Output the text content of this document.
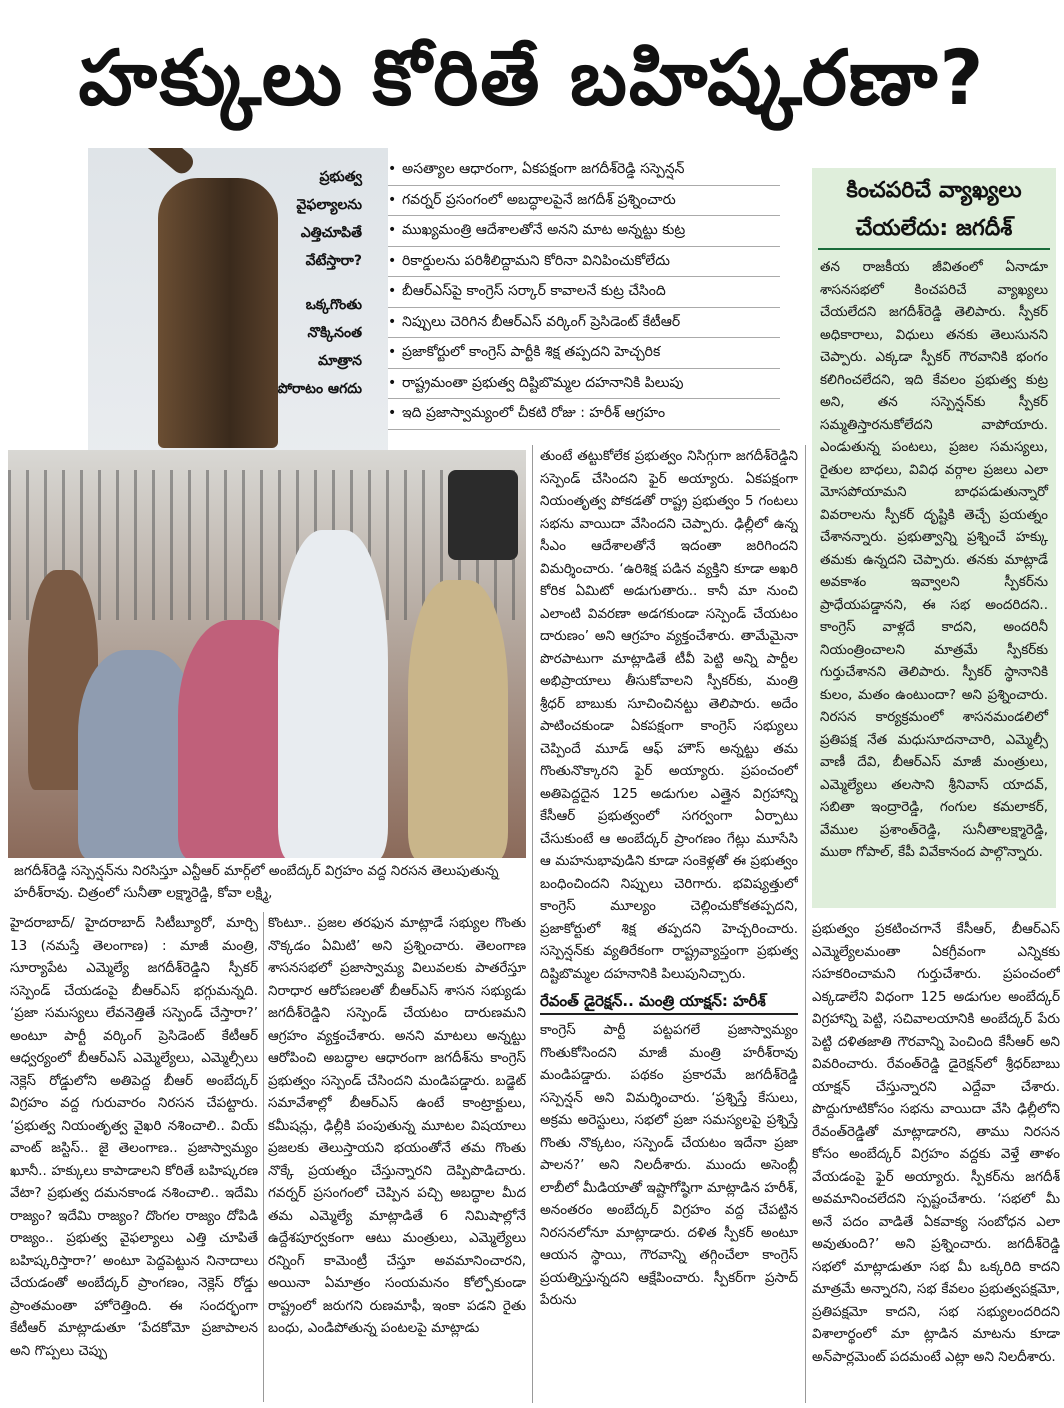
హక్కులు కోరితే బహిష్కరణా?
ప్రభుత్వ వైఫల్యాలను ఎత్తిచూపితే వేటేస్తారా?
ఒక్కగొంతు నొక్కినంత మాత్రాన పోరాటం ఆగదు
• అసత్యాల ఆధారంగా, ఏకపక్షంగా జగదీశ్‌రెడ్డి సస్పెన్షన్‌
• గవర్నర్‌ ప్రసంగంలో అబద్ధాలపైనే జగదీశ్‌ ప్రశ్నించారు
• ముఖ్యమంత్రి ఆదేశాలతోనే అనని మాట అన్నట్టు కుట్ర
• రికార్డులను పరిశీలిద్దామని కోరినా వినిపించుకోలేదు
• బీఆర్‌ఎస్‌పై కాంగ్రెస్‌ సర్కార్‌ కావాలనే కుట్ర చేసింది
• నిప్పులు చెరిగిన బీఆర్‌ఎస్‌ వర్కింగ్‌ ప్రెసిడెంట్‌ కేటీఆర్‌
• ప్రజాకోర్టులో కాంగ్రెస్‌ పార్టీకి శిక్ష తప్పదని హెచ్చరిక
• రాష్ట్రమంతా ప్రభుత్వ దిష్టిబొమ్మల దహనానికి పిలుపు
• ఇది ప్రజాస్వామ్యంలో చీకటి రోజు : హరీశ్‌ ఆగ్రహం
జగదీశ్‌రెడ్డి సస్పెన్షన్‌ను నిరసిస్తూ ఎన్టీఆర్‌ మార్గ్‌లో అంబేద్కర్‌ విగ్రహం వద్ద నిరసన తెలుపుతున్న హరీశ్‌రావు. చిత్రంలో సునీతా లక్ష్మారెడ్డి, కోవా లక్ష్మి,
తుంటే తట్టుకోలేక ప్రభుత్వం నిసిగ్గుగా జగదీశ్‌రెడ్డిని సస్పెండ్‌ చేసిందని ఫైర్‌ అయ్యారు. ఏకపక్షంగా నియంతృత్వ పోకడతో రాష్ట్ర ప్రభుత్వం 5 గంటలు సభను వాయిదా వేసిందని చెప్పారు. ఢిల్లీలో ఉన్న సీఎం ఆదేశాలతోనే ఇదంతా జరిగిందని విమర్శించారు. ‘ఉరిశిక్ష పడిన వ్యక్తిని కూడా అఖరి కోరిక ఏమిటో అడుగుతారు.. కానీ మా నుంచి ఎలాంటి వివరణా అడగకుండా సస్పెండ్‌ చేయటం దారుణం’ అని ఆగ్రహం వ్యక్తంచేశారు. తామేమైనా పొరపాటుగా మాట్లాడితే టీవీ పెట్టి అన్ని పార్టీల అభిప్రాయాలు తీసుకోవాలని స్పీకర్‌కు, మంత్రి శ్రీధర్‌ బాబుకు సూచించినట్టు తెలిపారు. అదేం పాటించకుండా ఏకపక్షంగా కాంగ్రెస్‌ సభ్యులు చెప్పిందే మూడ్‌ ఆఫ్‌ హౌస్‌ అన్నట్టు తమ గొంతునొక్కారని ఫైర్‌ అయ్యారు. ప్రపంచంలో అతిపెద్దదైన 125 అడుగుల ఎత్తైన విగ్రహాన్ని కేసీఆర్‌ ప్రభుత్వంలో సగర్వంగా ఏర్పాటు చేసుకుంటే ఆ అంబేద్కర్‌ ప్రాంగణం గేట్లు మూసేసి ఆ మహనుభావుడిని కూడా సంకెళ్లతో ఈ ప్రభుత్వం బంధించిందని నిప్పులు చెరిగారు. భవిష్యత్తులో కాంగ్రెస్‌ మూల్యం చెల్లించుకోకతప్పదని, ప్రజాకోర్టులో శిక్ష తప్పదని హెచ్చరించారు. సస్పెన్షన్‌కు వ్యతిరేకంగా రాష్ట్రవ్యాప్తంగా ప్రభుత్వ దిష్టిబొమ్మల దహనానికి పిలుపునిచ్చారు.
రేవంత్‌ డైరెక్షన్‌.. మంత్రి యాక్షన్‌: హరీశ్‌
కాంగ్రెస్‌ పార్టీ పట్టపగలే ప్రజాస్వామ్యం గొంతుకోసిందని మాజీ మంత్రి హరీశ్‌రావు మండిపడ్డారు. పథకం ప్రకారమే జగదీశ్‌రెడ్డి సస్పెన్షన్‌ అని విమర్శించారు. ‘ప్రశ్నిస్తే కేసులు, అక్రమ అరెస్టులు, సభలో ప్రజా సమస్యలపై ప్రశ్నిస్తే గొంతు నొక్కటం, సస్పెండ్‌ చేయటం ఇదేనా ప్రజా పాలన?’ అని నిలదీశారు. ముందు అసెంబ్లీ లాబీలో మీడియాతో ఇష్టాగోష్ఠిగా మాట్లాడిన హరీశ్‌, అనంతరం అంబేద్కర్‌ విగ్రహం వద్ద చేపట్టిన నిరసనలోనూ మాట్లాడారు. దళిత స్పీకర్‌ అంటూ ఆయన స్థాయి, గౌరవాన్ని తగ్గించేలా కాంగ్రెస్‌ ప్రయత్నిస్తున్నదని ఆక్షేపించారు. స్పీకర్‌గా ప్రసాద్‌ పేరును
కించపరిచే వ్యాఖ్యలు చేయలేదు: జగదీశ్‌
తన రాజకీయ జీవితంలో ఏనాడూ శాసనసభలో కించపరిచే వ్యాఖ్యలు చేయలేదని జగదీశ్‌రెడ్డి తెలిపారు. స్పీకర్‌ అధికారాలు, విధులు తనకు తెలుసునని చెప్పారు. ఎక్కడా స్పీకర్‌ గౌరవానికి భంగం కలిగించలేదని, ఇది కేవలం ప్రభుత్వ కుట్ర అని, తన సస్పెన్షన్‌కు స్పీకర్‌ సమ్మతిస్తారనుకోలేదని వాపోయారు. ఎండుతున్న పంటలు, ప్రజల సమస్యలు, రైతుల బాధలు, వివిధ వర్గాల ప్రజలు ఎలా మోసపోయామని బాధపడుతున్నారో వివరాలను స్పీకర్‌ దృష్టికి తెచ్చే ప్రయత్నం చేశానన్నారు. ప్రభుత్వాన్ని ప్రశ్నించే హక్కు తమకు ఉన్నదని చెప్పారు. తనకు మాట్లాడే అవకాశం ఇవ్వాలని స్పీకర్‌ను ప్రాధేయపడ్డానని, ఈ సభ అందరిదని.. కాంగ్రెస్‌ వాళ్లదే కాదని, అందరినీ నియంత్రించాలని మాత్రమే స్పీకర్‌కు గుర్తుచేశానని తెలిపారు. స్పీకర్‌ స్థానానికి కులం, మతం ఉంటుందా? అని ప్రశ్నించారు. నిరసన కార్యక్రమంలో శాసనమండలిలో ప్రతిపక్ష నేత మధుసూదనాచారి, ఎమ్మెల్సీ వాణీ దేవి, బీఆర్‌ఎస్‌ మాజీ మంత్రులు, ఎమ్మెల్యేలు తలసాని శ్రీనివాస్‌ యాదవ్‌, సబితా ఇంద్రారెడ్డి, గంగుల కమలాకర్‌, వేముల ప్రశాంత్‌రెడ్డి, సునీతాలక్ష్మారెడ్డి, ముఠా గోపాల్‌, కేపీ వివేకానంద పాల్గొన్నారు.
హైదరాబాద్‌/ హైదరాబాద్‌ సిటీబ్యూరో, మార్చి 13 (నమస్తే తెలంగాణ) : మాజీ మంత్రి, సూర్యాపేట ఎమ్మెల్యే జగదీశ్‌రెడ్డిని స్పీకర్‌ సస్పెండ్‌ చేయడంపై బీఆర్‌ఎస్‌ భగ్గుమన్నది. ‘ప్రజా సమస్యలు లేవనెత్తితే సస్పెండ్‌ చేస్తారా?’ అంటూ పార్టీ వర్కింగ్‌ ప్రెసిడెంట్‌ కేటీఆర్‌ ఆధ్వర్యంలో బీఆర్‌ఎస్‌ ఎమ్మెల్యేలు, ఎమ్మెల్సీలు నెక్లెస్‌ రోడ్డులోని అతిపెద్ద బీఆర్‌ అంబేద్కర్‌ విగ్రహం వద్ద గురువారం నిరసన చేపట్టారు. ‘ప్రభుత్వ నియంతృత్వ వైఖరి నశించాలి.. వియ్‌ వాంట్‌ జస్టిస్‌.. జై తెలంగాణ.. ప్రజాస్వామ్యం ఖూనీ.. హక్కులు కాపాడాలని కోరితే బహిష్కరణ వేటా? ప్రభుత్వ దమనకాండ నశించాలి.. ఇదేమి రాజ్యం? ఇదేమి రాజ్యం? దొంగల రాజ్యం దోపిడి రాజ్యం.. ప్రభుత్వ వైఫల్యాలు ఎత్తి చూపితే బహిష్కరిస్తారా?’ అంటూ పెద్దపెట్టున నినాదాలు చేయడంతో అంబేద్కర్‌ ప్రాంగణం, నెక్లెస్‌ రోడ్డు ప్రాంతమంతా హోరెత్తింది. ఈ సందర్భంగా కేటీఆర్‌ మాట్లాడుతూ ‘పేదకోమో ప్రజాపాలన అని గొప్పలు చెప్పు
కొంటూ.. ప్రజల తరఫున మాట్లాడే సభ్యుల గొంతు నొక్కడం ఏమిటి’ అని ప్రశ్నించారు. తెలంగాణ శాసనసభలో ప్రజాస్వామ్య విలువలకు పాతరేస్తూ నిరాధార ఆరోపణలతో బీఆర్‌ఎస్‌ శాసన సభ్యుడు జగదీశ్‌రెడ్డిని సస్పెండ్‌ చేయటం దారుణమని ఆగ్రహం వ్యక్తంచేశారు. అనని మాటలు అన్నట్టు ఆరోపించి అబద్ధాల ఆధారంగా జగదీశ్‌ను కాంగ్రెస్‌ ప్రభుత్వం సస్పెండ్‌ చేసిందని మండిపడ్డారు. బడ్జెట్‌ సమావేశాల్లో బీఆర్‌ఎస్‌ ఉంటే కాంట్రాక్టులు, కమీషన్లు, ఢిల్లీకి పంపుతున్న మూటల విషయాలు ప్రజలకు తెలుస్తాయని భయంతోనే తమ గొంతు నొక్కే ప్రయత్నం చేస్తున్నారని దెప్పిపొడిచారు. గవర్నర్‌ ప్రసంగంలో చెప్పిన పచ్చి అబద్ధాల మీద తమ ఎమ్మెల్యే మాట్లాడితే 6 నిమిషాల్లోనే ఉద్దేశపూర్వకంగా ఆటు మంత్రులు, ఎమ్మెల్యేలు రన్నింగ్‌ కామెంట్రీ చేస్తూ అవమానించారని, అయినా ఏమాత్రం సంయమనం కోల్పోకుండా రాష్ట్రంలో జరుగని రుణమాఫీ, ఇంకా పడని రైతు బంధు, ఎండిపోతున్న పంటలపై మాట్లాడు
ప్రభుత్వం ప్రకటించగానే కేసీఆర్‌, బీఆర్‌ఎస్‌ ఎమ్మెల్యేలమంతా ఏకగ్రీవంగా ఎన్నికకు సహకరించామని గుర్తుచేశారు. ప్రపంచంలో ఎక్కడాలేని విధంగా 125 అడుగుల అంబేద్కర్‌ విగ్రహాన్ని పెట్టి, సచివాలయానికి అంబేద్కర్‌ పేరు పెట్టి దళితజాతి గౌరవాన్ని పెంచింది కేసీఆర్‌ అని వివరించారు. రేవంత్‌రెడ్డి డైరెక్షన్‌లో శ్రీధర్‌బాబు యాక్షన్‌ చేస్తున్నారని ఎద్దేవా చేశారు. పొద్దుగూటికోసం సభను వాయిదా వేసి ఢిల్లీలోని రేవంత్‌రెడ్డితో మాట్లాడారని, తాము నిరసన కోసం అంబేద్కర్‌ విగ్రహం వద్దకు వెళ్తే తాళం వేయడంపై ఫైర్‌ అయ్యారు. స్పీకర్‌ను జగదీశ్‌ అవమానించలేదని స్పష్టంచేశారు. ‘సభలో మీ అనే పదం వాడితే ఏకవాక్య సంబోధన ఎలా అవుతుంది?’ అని ప్రశ్నించారు. జగదీశ్‌రెడ్డి సభలో మాట్లాడుతూ సభ మీ ఒక్కరిది కాదని మాత్రమే అన్నారని, సభ కేవలం ప్రభుత్వపక్షమో, ప్రతిపక్షమో కాదని, సభ సభ్యులందరిదని విశాలార్థంలో మా ట్లాడిన మాటను కూడా అన్‌పార్లమెంట్‌ పదమంటే ఎట్లా అని నిలదీశారు.
